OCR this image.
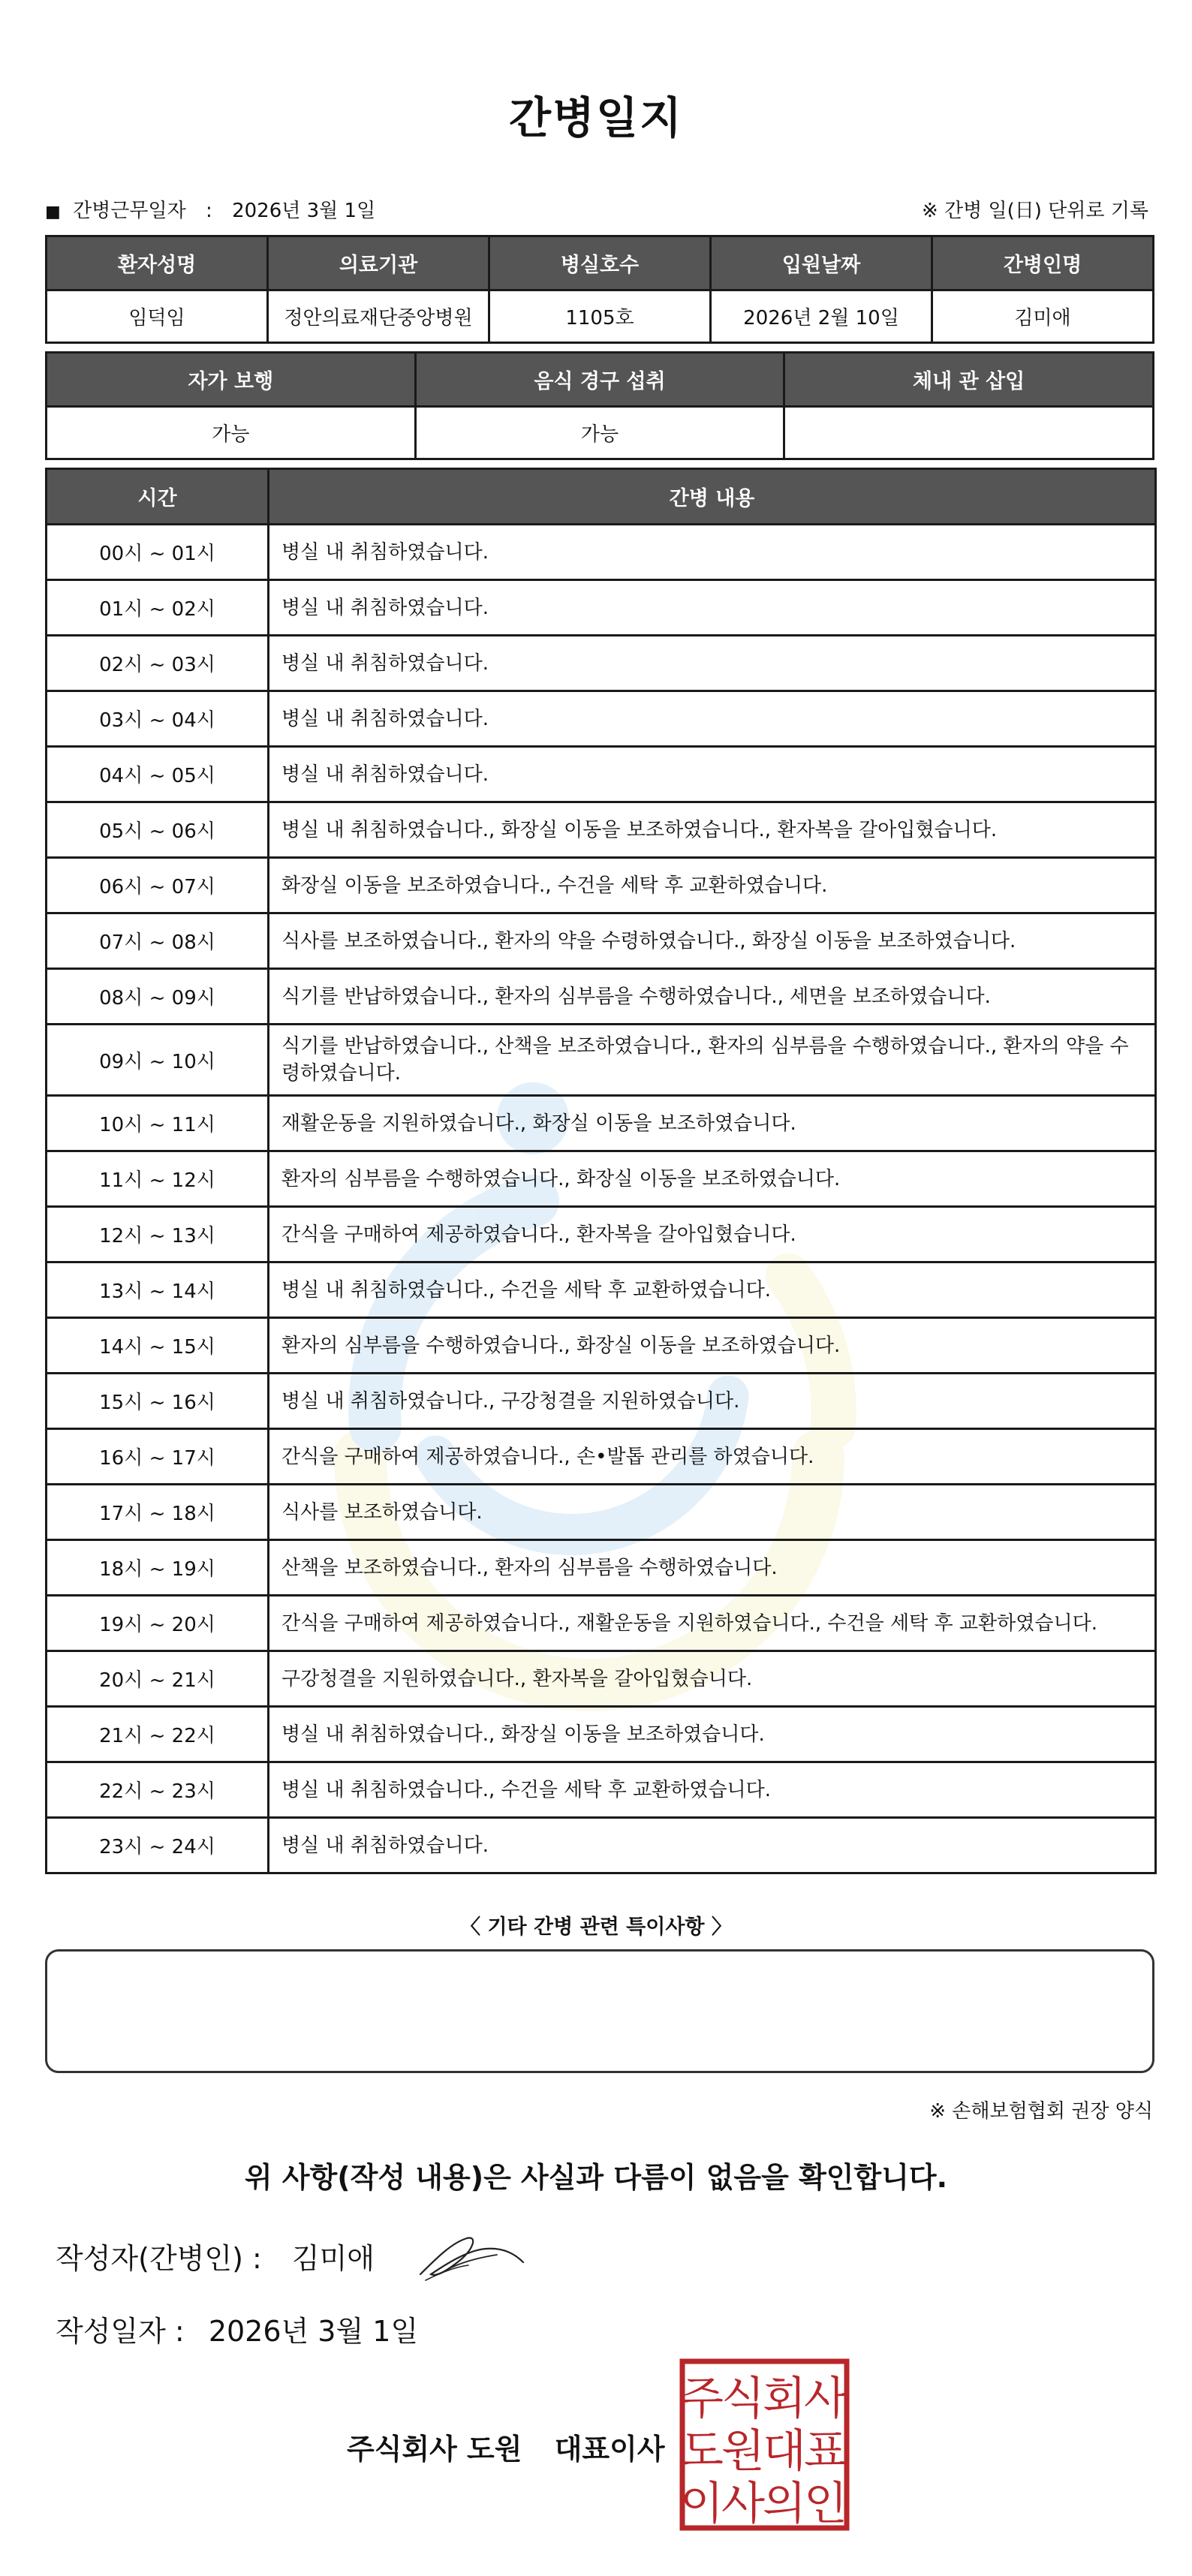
간병일지
■ 간병근무일자 : 2026년 3월 1일	※ 간병 일(日) 단위로 기록
환자성명	의료기관	병실호수	입원날짜	간병인명
임덕임	정안의료재단중앙병원	1105호	2026년 2월 10일	김미애
자가 보행	음식 경구 섭취	체내 관 삽입
가능	가능	
시간	간병 내용
00시 ~ 01시	병실 내 취침하였습니다.
01시 ~ 02시	병실 내 취침하였습니다.
02시 ~ 03시	병실 내 취침하였습니다.
03시 ~ 04시	병실 내 취침하였습니다.
04시 ~ 05시	병실 내 취침하였습니다.
05시 ~ 06시	병실 내 취침하였습니다., 화장실 이동을 보조하였습니다., 환자복을 갈아입혔습니다.
06시 ~ 07시	화장실 이동을 보조하였습니다., 수건을 세탁 후 교환하였습니다.
07시 ~ 08시	식사를 보조하였습니다., 환자의 약을 수령하였습니다., 화장실 이동을 보조하였습니다.
08시 ~ 09시	식기를 반납하였습니다., 환자의 심부름을 수행하였습니다., 세면을 보조하였습니다.
09시 ~ 10시	식기를 반납하였습니다., 산책을 보조하였습니다., 환자의 심부름을 수행하였습니다., 환자의 약을 수령하였습니다.
10시 ~ 11시	재활운동을 지원하였습니다., 화장실 이동을 보조하였습니다.
11시 ~ 12시	환자의 심부름을 수행하였습니다., 화장실 이동을 보조하였습니다.
12시 ~ 13시	간식을 구매하여 제공하였습니다., 환자복을 갈아입혔습니다.
13시 ~ 14시	병실 내 취침하였습니다., 수건을 세탁 후 교환하였습니다.
14시 ~ 15시	환자의 심부름을 수행하였습니다., 화장실 이동을 보조하였습니다.
15시 ~ 16시	병실 내 취침하였습니다., 구강청결을 지원하였습니다.
16시 ~ 17시	간식을 구매하여 제공하였습니다., 손•발톱 관리를 하였습니다.
17시 ~ 18시	식사를 보조하였습니다.
18시 ~ 19시	산책을 보조하였습니다., 환자의 심부름을 수행하였습니다.
19시 ~ 20시	간식을 구매하여 제공하였습니다., 재활운동을 지원하였습니다., 수건을 세탁 후 교환하였습니다.
20시 ~ 21시	구강청결을 지원하였습니다., 환자복을 갈아입혔습니다.
21시 ~ 22시	병실 내 취침하였습니다., 화장실 이동을 보조하였습니다.
22시 ~ 23시	병실 내 취침하였습니다., 수건을 세탁 후 교환하였습니다.
23시 ~ 24시	병실 내 취침하였습니다.
〈 기타 간병 관련 특이사항 〉
※ 손해보험협회 권장 양식
위 사항(작성 내용)은 사실과 다름이 없음을 확인합니다.
작성자(간병인) : 김미애
작성일자 : 2026년 3월 1일
주식회사 도원 대표이사
주
식
회
사
도
원
대
표
이
사
의
인
